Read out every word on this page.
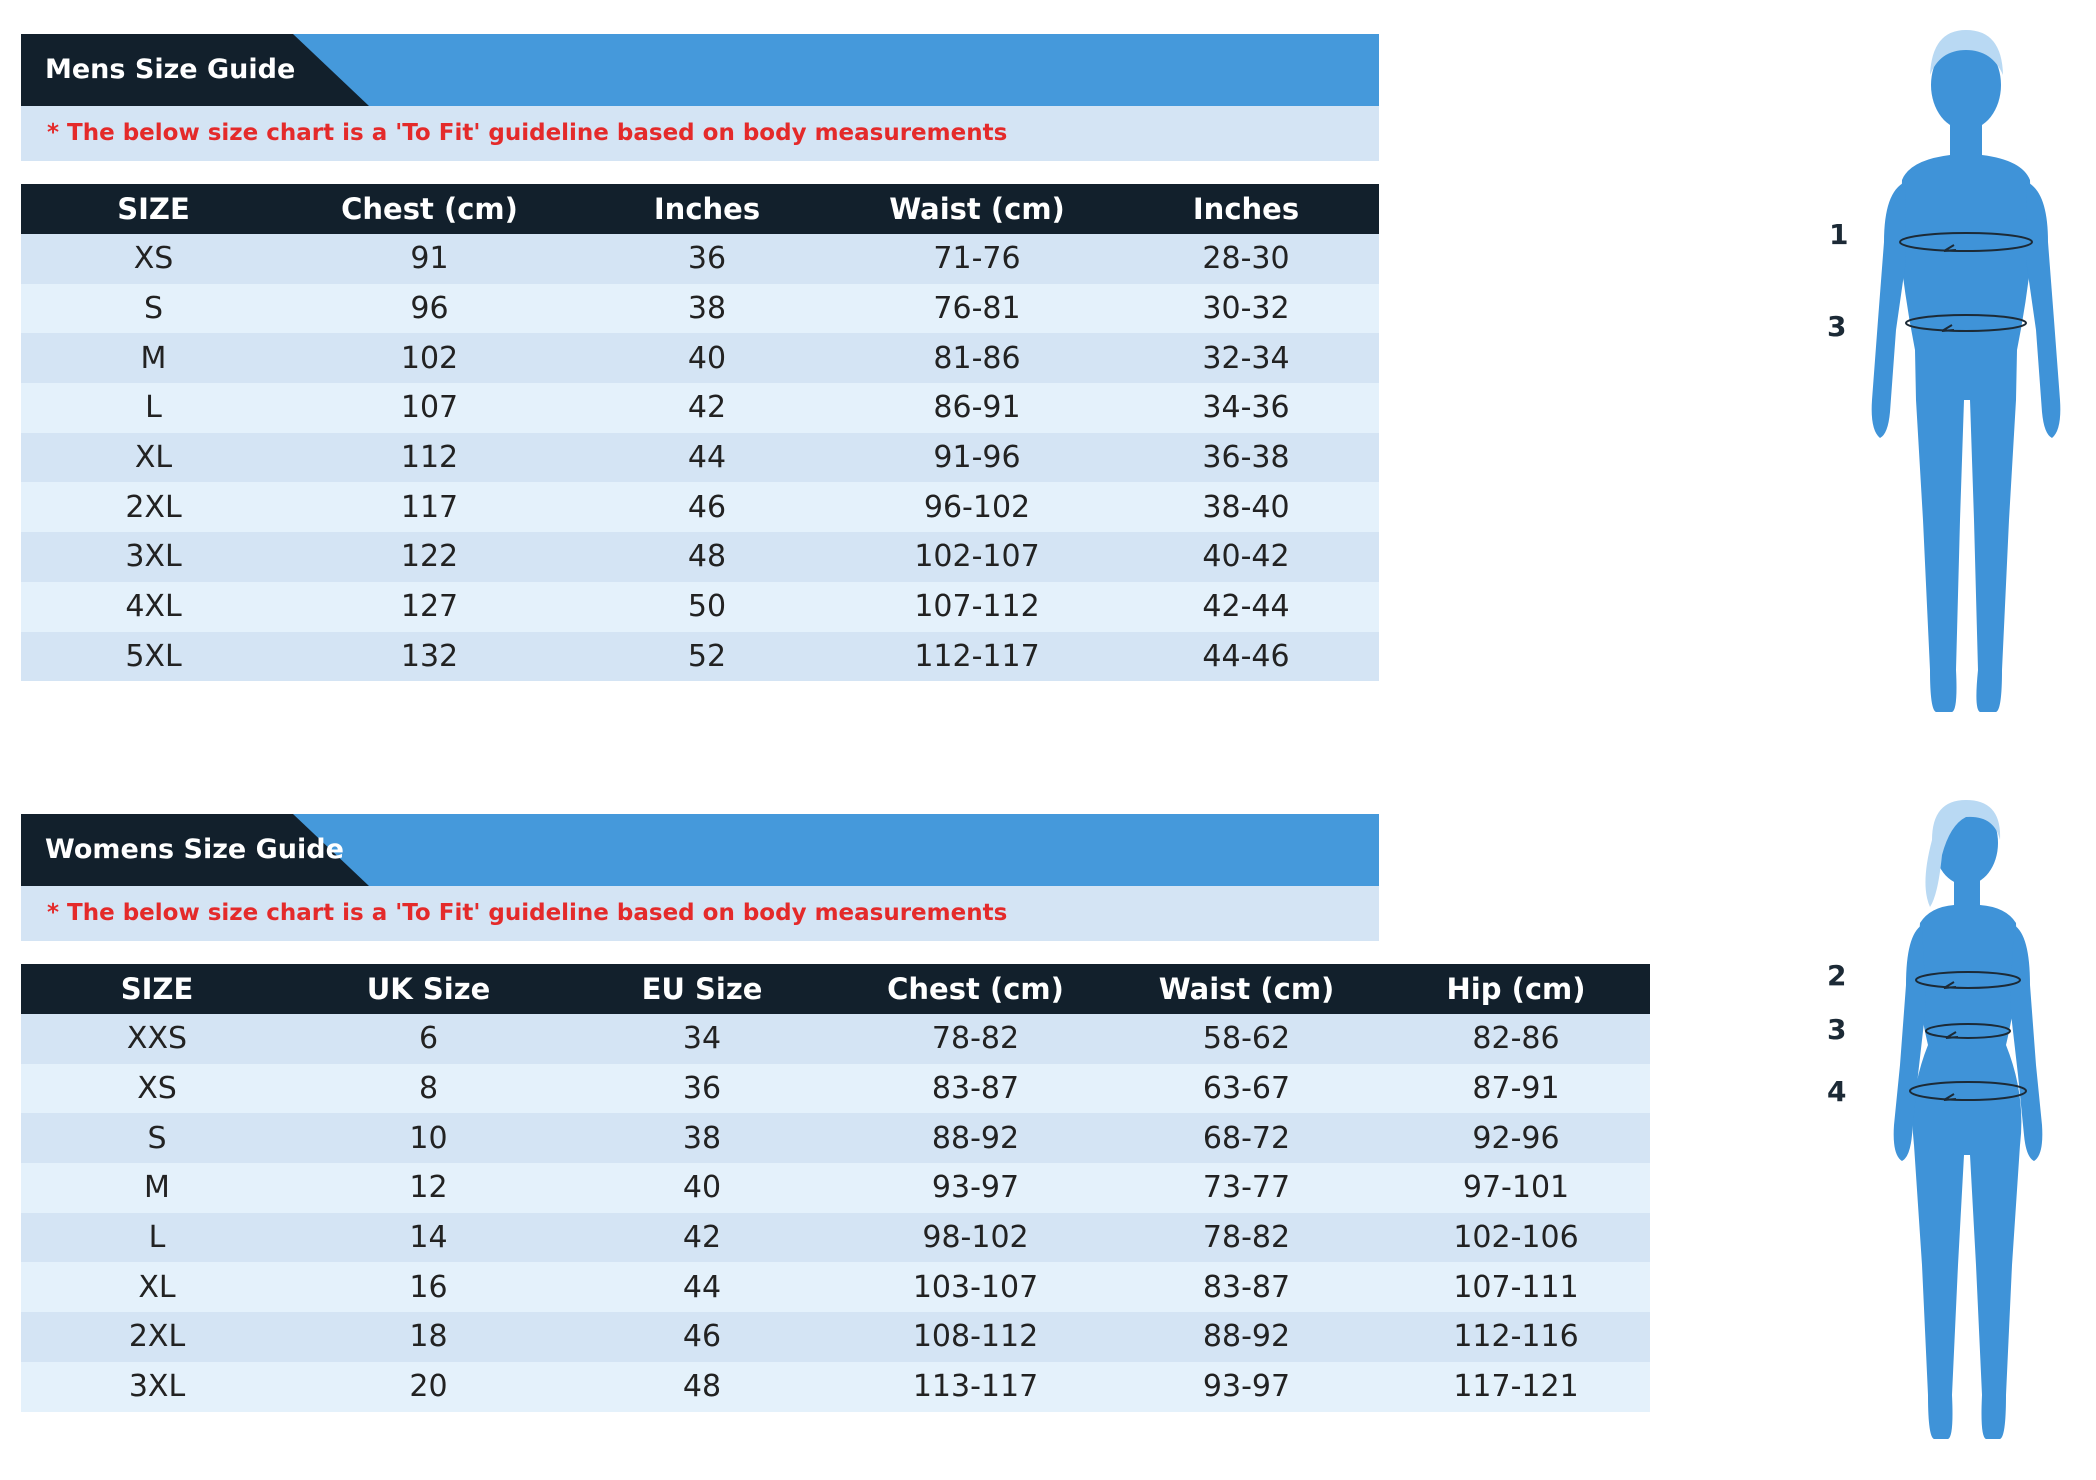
Mens Size Guide
* The below size chart is a 'To Fit' guideline based on body measurements
SIZE	Chest (cm)	Inches	Waist (cm)	Inches
XS	91	36	71-76	28-30
S	96	38	76-81	30-32
M	102	40	81-86	32-34
L	107	42	86-91	34-36
XL	112	44	91-96	36-38
2XL	117	46	96-102	38-40
3XL	122	48	102-107	40-42
4XL	127	50	107-112	42-44
5XL	132	52	112-117	44-46
1
3
Womens Size Guide
* The below size chart is a 'To Fit' guideline based on body measurements
SIZE	UK Size	EU Size	Chest (cm)	Waist (cm)	Hip (cm)
XXS	6	34	78-82	58-62	82-86
XS	8	36	83-87	63-67	87-91
S	10	38	88-92	68-72	92-96
M	12	40	93-97	73-77	97-101
L	14	42	98-102	78-82	102-106
XL	16	44	103-107	83-87	107-111
2XL	18	46	108-112	88-92	112-116
3XL	20	48	113-117	93-97	117-121
2
3
4
